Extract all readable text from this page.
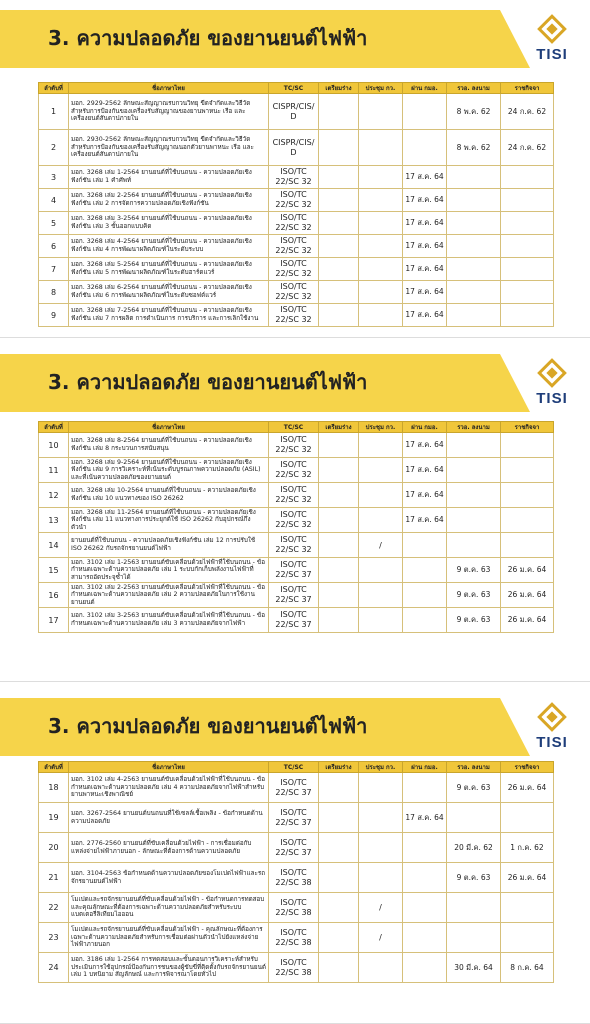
3. ความปลอดภัย ของยานยนต์ไฟฟ้า
TISI
ลำดับที่	ชื่อภาษาไทย	TC/SC	เตรียมร่าง	ประชุม กว.	ผ่าน กมอ.	รวอ. ลงนาม	ราชกิจจา
1	มอก. 2929-2562 ลักษณะสัญญาณรบกวนวิทยุ ขีดจำกัดและวิธีวัด สำหรับการป้องกันของเครื่องรับสัญญาณของยานพาหนะ เรือ และเครื่องยนต์สันดาปภายใน	CISPR/CIS/ D				8 พ.ค. 62	24 ก.ค. 62
2	มอก. 2930-2562 ลักษณะสัญญาณรบกวนวิทยุ ขีดจำกัดและวิธีวัด สำหรับการป้องกันของเครื่องรับสัญญาณนอกตัวยานพาหนะ เรือ และเครื่องยนต์สันดาปภายใน	CISPR/CIS/ D				8 พ.ค. 62	24 ก.ค. 62
3	มอก. 3268 เล่ม 1-2564 ยานยนต์ที่ใช้บนถนน - ความปลอดภัยเชิงฟังก์ชัน เล่ม 1 คำศัพท์	ISO/TC 22/SC 32			17 ส.ค. 64		
4	มอก. 3268 เล่ม 2-2564 ยานยนต์ที่ใช้บนถนน - ความปลอดภัยเชิงฟังก์ชัน เล่ม 2 การจัดการความปลอดภัยเชิงฟังก์ชัน	ISO/TC 22/SC 32			17 ส.ค. 64		
5	มอก. 3268 เล่ม 3-2564 ยานยนต์ที่ใช้บนถนน - ความปลอดภัยเชิงฟังก์ชัน เล่ม 3 ขั้นออกแบบคิด	ISO/TC 22/SC 32			17 ส.ค. 64		
6	มอก. 3268 เล่ม 4-2564 ยานยนต์ที่ใช้บนถนน - ความปลอดภัยเชิงฟังก์ชัน เล่ม 4 การพัฒนาผลิตภัณฑ์ในระดับระบบ	ISO/TC 22/SC 32			17 ส.ค. 64		
7	มอก. 3268 เล่ม 5-2564 ยานยนต์ที่ใช้บนถนน - ความปลอดภัยเชิงฟังก์ชัน เล่ม 5 การพัฒนาผลิตภัณฑ์ในระดับฮาร์ดแวร์	ISO/TC 22/SC 32			17 ส.ค. 64		
8	มอก. 3268 เล่ม 6-2564 ยานยนต์ที่ใช้บนถนน - ความปลอดภัยเชิงฟังก์ชัน เล่ม 6 การพัฒนาผลิตภัณฑ์ในระดับซอฟต์แวร์	ISO/TC 22/SC 32			17 ส.ค. 64		
9	มอก. 3268 เล่ม 7-2564 ยานยนต์ที่ใช้บนถนน - ความปลอดภัยเชิงฟังก์ชัน เล่ม 7 การผลิต การดำเนินการ การบริการ และการเลิกใช้งาน	ISO/TC 22/SC 32			17 ส.ค. 64		
3. ความปลอดภัย ของยานยนต์ไฟฟ้า
TISI
ลำดับที่	ชื่อภาษาไทย	TC/SC	เตรียมร่าง	ประชุม กว.	ผ่าน กมอ.	รวอ. ลงนาม	ราชกิจจา
10	มอก. 3268 เล่ม 8-2564 ยานยนต์ที่ใช้บนถนน - ความปลอดภัยเชิงฟังก์ชัน เล่ม 8 กระบวนการสนับสนุน	ISO/TC 22/SC 32			17 ส.ค. 64		
11	มอก. 3268 เล่ม 9-2564 ยานยนต์ที่ใช้บนถนน - ความปลอดภัยเชิงฟังก์ชัน เล่ม 9 การวิเคราะห์ที่เน้นระดับบูรณภาพความปลอดภัย (ASIL) และที่เน้นความปลอดภัยของยานยนต์	ISO/TC 22/SC 32			17 ส.ค. 64		
12	มอก. 3268 เล่ม 10-2564 ยานยนต์ที่ใช้บนถนน - ความปลอดภัยเชิงฟังก์ชัน เล่ม 10 แนวทางของ ISO 26262	ISO/TC 22/SC 32			17 ส.ค. 64		
13	มอก. 3268 เล่ม 11-2564 ยานยนต์ที่ใช้บนถนน - ความปลอดภัยเชิงฟังก์ชัน เล่ม 11 แนวทางการประยุกต์ใช้ ISO 26262 กับอุปกรณ์กึ่งตัวนำ	ISO/TC 22/SC 32			17 ส.ค. 64		
14	ยานยนต์ที่ใช้บนถนน - ความปลอดภัยเชิงฟังก์ชัน เล่ม 12 การปรับใช้ ISO 26262 กับรถจักรยานยนต์ไฟฟ้า	ISO/TC 22/SC 32		/			
15	มอก. 3102 เล่ม 1-2563 ยานยนต์ขับเคลื่อนด้วยไฟฟ้าที่ใช้บนถนน - ข้อกำหนดเฉพาะด้านความปลอดภัย เล่ม 1 ระบบกักเก็บพลังงานไฟฟ้าที่สามารถอัดประจุซ้ำได้	ISO/TC 22/SC 37				9 ต.ค. 63	26 ม.ค. 64
16	มอก. 3102 เล่ม 2-2563 ยานยนต์ขับเคลื่อนด้วยไฟฟ้าที่ใช้บนถนน - ข้อกำหนดเฉพาะด้านความปลอดภัย เล่ม 2 ความปลอดภัยในการใช้งานยานยนต์	ISO/TC 22/SC 37				9 ต.ค. 63	26 ม.ค. 64
17	มอก. 3102 เล่ม 3-2563 ยานยนต์ขับเคลื่อนด้วยไฟฟ้าที่ใช้บนถนน - ข้อกำหนดเฉพาะด้านความปลอดภัย เล่ม 3 ความปลอดภัยจากไฟฟ้า	ISO/TC 22/SC 37				9 ต.ค. 63	26 ม.ค. 64
3. ความปลอดภัย ของยานยนต์ไฟฟ้า
TISI
ลำดับที่	ชื่อภาษาไทย	TC/SC	เตรียมร่าง	ประชุม กว.	ผ่าน กมอ.	รวอ. ลงนาม	ราชกิจจา
18	มอก. 3102 เล่ม 4-2563 ยานยนต์ขับเคลื่อนด้วยไฟฟ้าที่ใช้บนถนน - ข้อกำหนดเฉพาะด้านความปลอดภัย เล่ม 4 ความปลอดภัยจากไฟฟ้าสำหรับยานพาหนะเชิงพาณิชย์	ISO/TC 22/SC 37				9 ต.ค. 63	26 ม.ค. 64
19	มอก. 3267-2564 ยานยนต์บนถนนที่ใช้เซลล์เชื้อเพลิง - ข้อกำหนดด้านความปลอดภัย	ISO/TC 22/SC 37			17 ส.ค. 64		
20	มอก. 2776-2560 ยานยนต์ที่ขับเคลื่อนด้วยไฟฟ้า - การเชื่อมต่อกับแหล่งจ่ายไฟฟ้าภายนอก - ลักษณะที่ต้องการด้านความปลอดภัย	ISO/TC 22/SC 37				20 มี.ค. 62	1 ก.ค. 62
21	มอก. 3104-2563 ข้อกำหนดด้านความปลอดภัยของโมเปดไฟฟ้าและรถจักรยานยนต์ไฟฟ้า	ISO/TC 22/SC 38				9 ต.ค. 63	26 ม.ค. 64
22	โมเปดและรถจักรยานยนต์ที่ขับเคลื่อนด้วยไฟฟ้า - ข้อกำหนดการทดสอบและคุณลักษณะที่ต้องการเฉพาะด้านความปลอดภัยสำหรับระบบแบตเตอรี่ลิเทียมไอออน	ISO/TC 22/SC 38		/			
23	โมเปดและรถจักรยานยนต์ที่ขับเคลื่อนด้วยไฟฟ้า - คุณลักษณะที่ต้องการเฉพาะด้านความปลอดภัยสำหรับการเชื่อมต่อผ่านตัวนำไปยังแหล่งจ่ายไฟฟ้าภายนอก	ISO/TC 22/SC 38		/			
24	มอก. 3186 เล่ม 1-2564 การทดสอบและขั้นตอนการวิเคราะห์สำหรับประเมินการใช้อุปกรณ์ป้องกันการชนของผู้ขับขี่ที่ติดตั้งกับรถจักรยานยนต์ เล่ม 1 บทนิยาม สัญลักษณ์ และการพิจารณาโดยทั่วไป	ISO/TC 22/SC 38				30 มี.ค. 64	8 ก.ค. 64
